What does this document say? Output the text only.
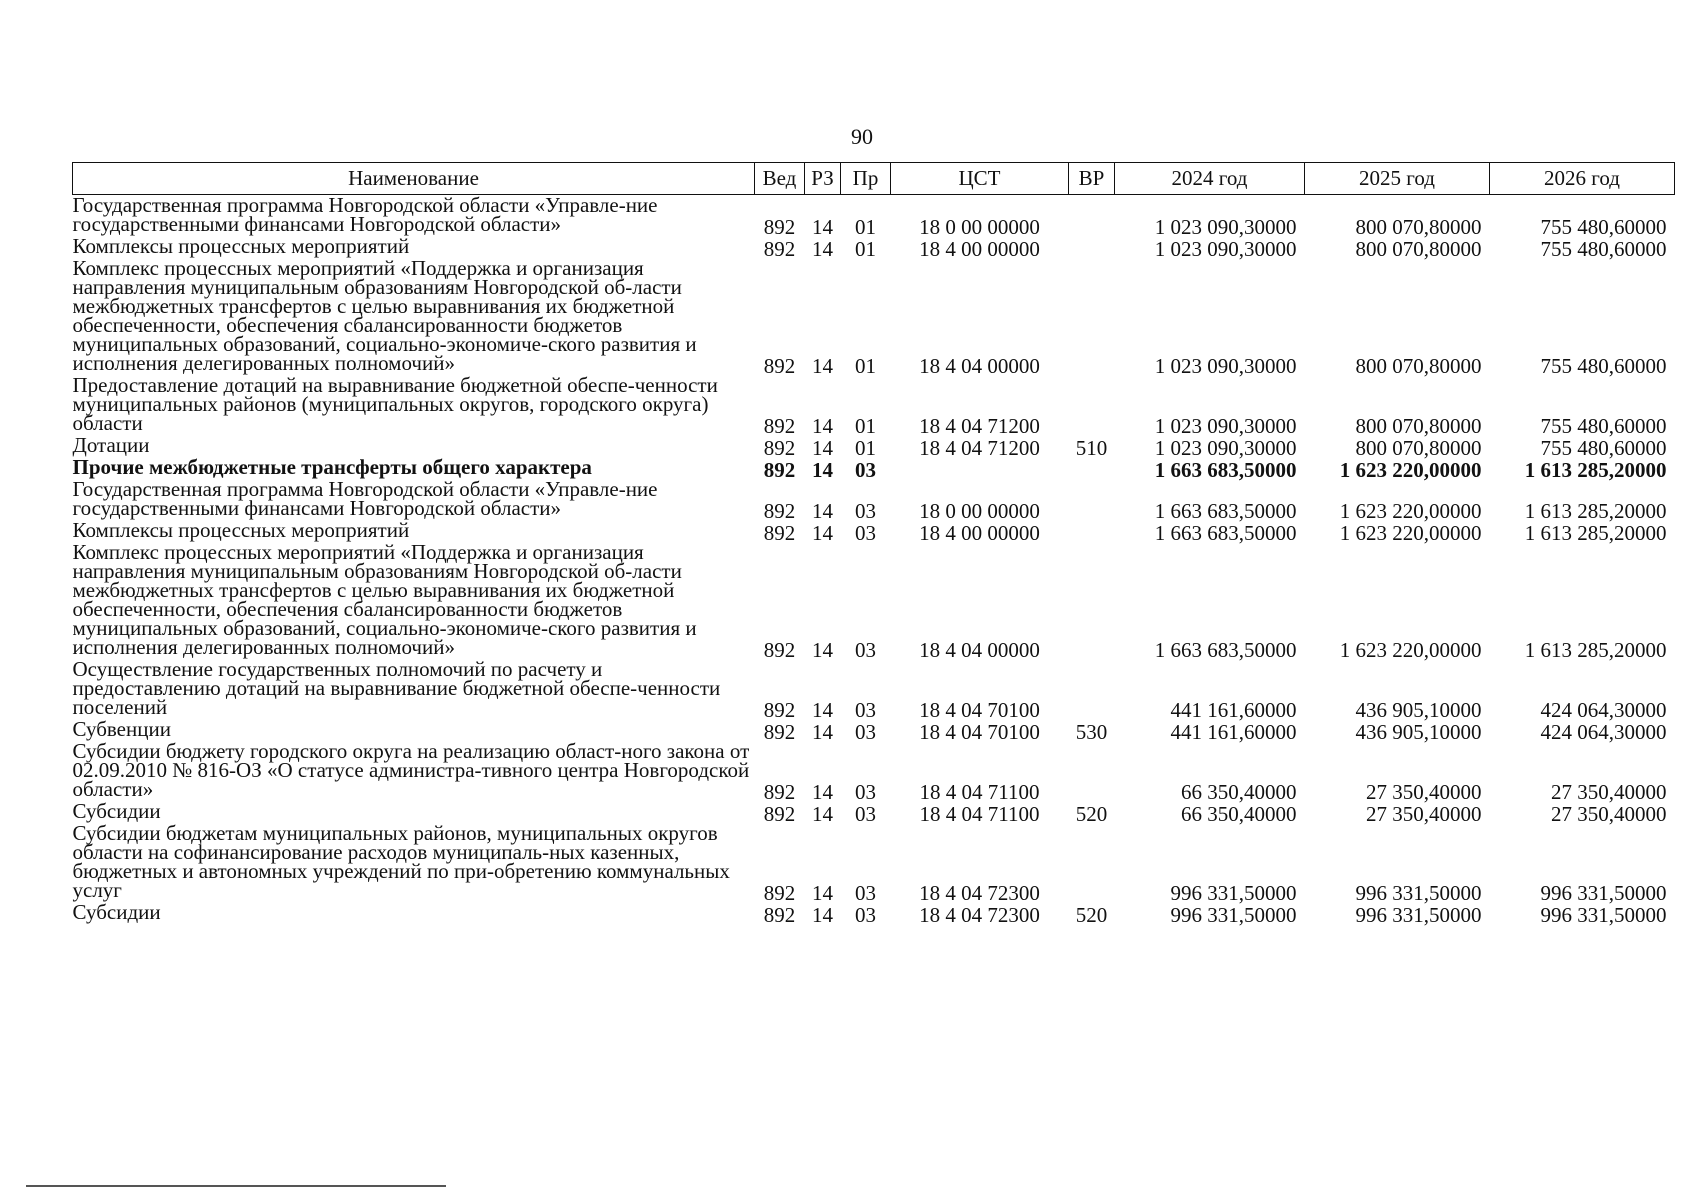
90
Наименование	Вед	РЗ	Пр	ЦСТ	ВР	2024 год	2025 год	2026 год
Государственная программа Новгородской области «Управле-ние государственными финансами Новгородской области»	892	14	01	18 0 00 00000		1 023 090,30000	800 070,80000	755 480,60000
Комплексы процессных мероприятий	892	14	01	18 4 00 00000		1 023 090,30000	800 070,80000	755 480,60000
Комплекс процессных мероприятий «Поддержка и организация направления муниципальным образованиям Новгородской об-ласти межбюджетных трансфертов с целью выравнивания их бюджетной обеспеченности, обеспечения сбалансированности бюджетов муниципальных образований, социально-экономиче-ского развития и исполнения делегированных полномочий»	892	14	01	18 4 04 00000		1 023 090,30000	800 070,80000	755 480,60000
Предоставление дотаций на выравнивание бюджетной обеспе-ченности муниципальных районов (муниципальных округов, городского округа) области	892	14	01	18 4 04 71200		1 023 090,30000	800 070,80000	755 480,60000
Дотации	892	14	01	18 4 04 71200	510	1 023 090,30000	800 070,80000	755 480,60000
Прочие межбюджетные трансферты общего характера	892	14	03			1 663 683,50000	1 623 220,00000	1 613 285,20000
Государственная программа Новгородской области «Управле-ние государственными финансами Новгородской области»	892	14	03	18 0 00 00000		1 663 683,50000	1 623 220,00000	1 613 285,20000
Комплексы процессных мероприятий	892	14	03	18 4 00 00000		1 663 683,50000	1 623 220,00000	1 613 285,20000
Комплекс процессных мероприятий «Поддержка и организация направления муниципальным образованиям Новгородской об-ласти межбюджетных трансфертов с целью выравнивания их бюджетной обеспеченности, обеспечения сбалансированности бюджетов муниципальных образований, социально-экономиче-ского развития и исполнения делегированных полномочий»	892	14	03	18 4 04 00000		1 663 683,50000	1 623 220,00000	1 613 285,20000
Осуществление государственных полномочий по расчету и предоставлению дотаций на выравнивание бюджетной обеспе-ченности поселений	892	14	03	18 4 04 70100		441 161,60000	436 905,10000	424 064,30000
Субвенции	892	14	03	18 4 04 70100	530	441 161,60000	436 905,10000	424 064,30000
Субсидии бюджету городского округа на реализацию област-ного закона от 02.09.2010 № 816-ОЗ «О статусе администра-тивного центра Новгородской области»	892	14	03	18 4 04 71100		66 350,40000	27 350,40000	27 350,40000
Субсидии	892	14	03	18 4 04 71100	520	66 350,40000	27 350,40000	27 350,40000
Субсидии бюджетам муниципальных районов, муниципальных округов области на софинансирование расходов муниципаль-ных казенных, бюджетных и автономных учреждений по при-обретению коммунальных услуг	892	14	03	18 4 04 72300		996 331,50000	996 331,50000	996 331,50000
Субсидии	892	14	03	18 4 04 72300	520	996 331,50000	996 331,50000	996 331,50000
